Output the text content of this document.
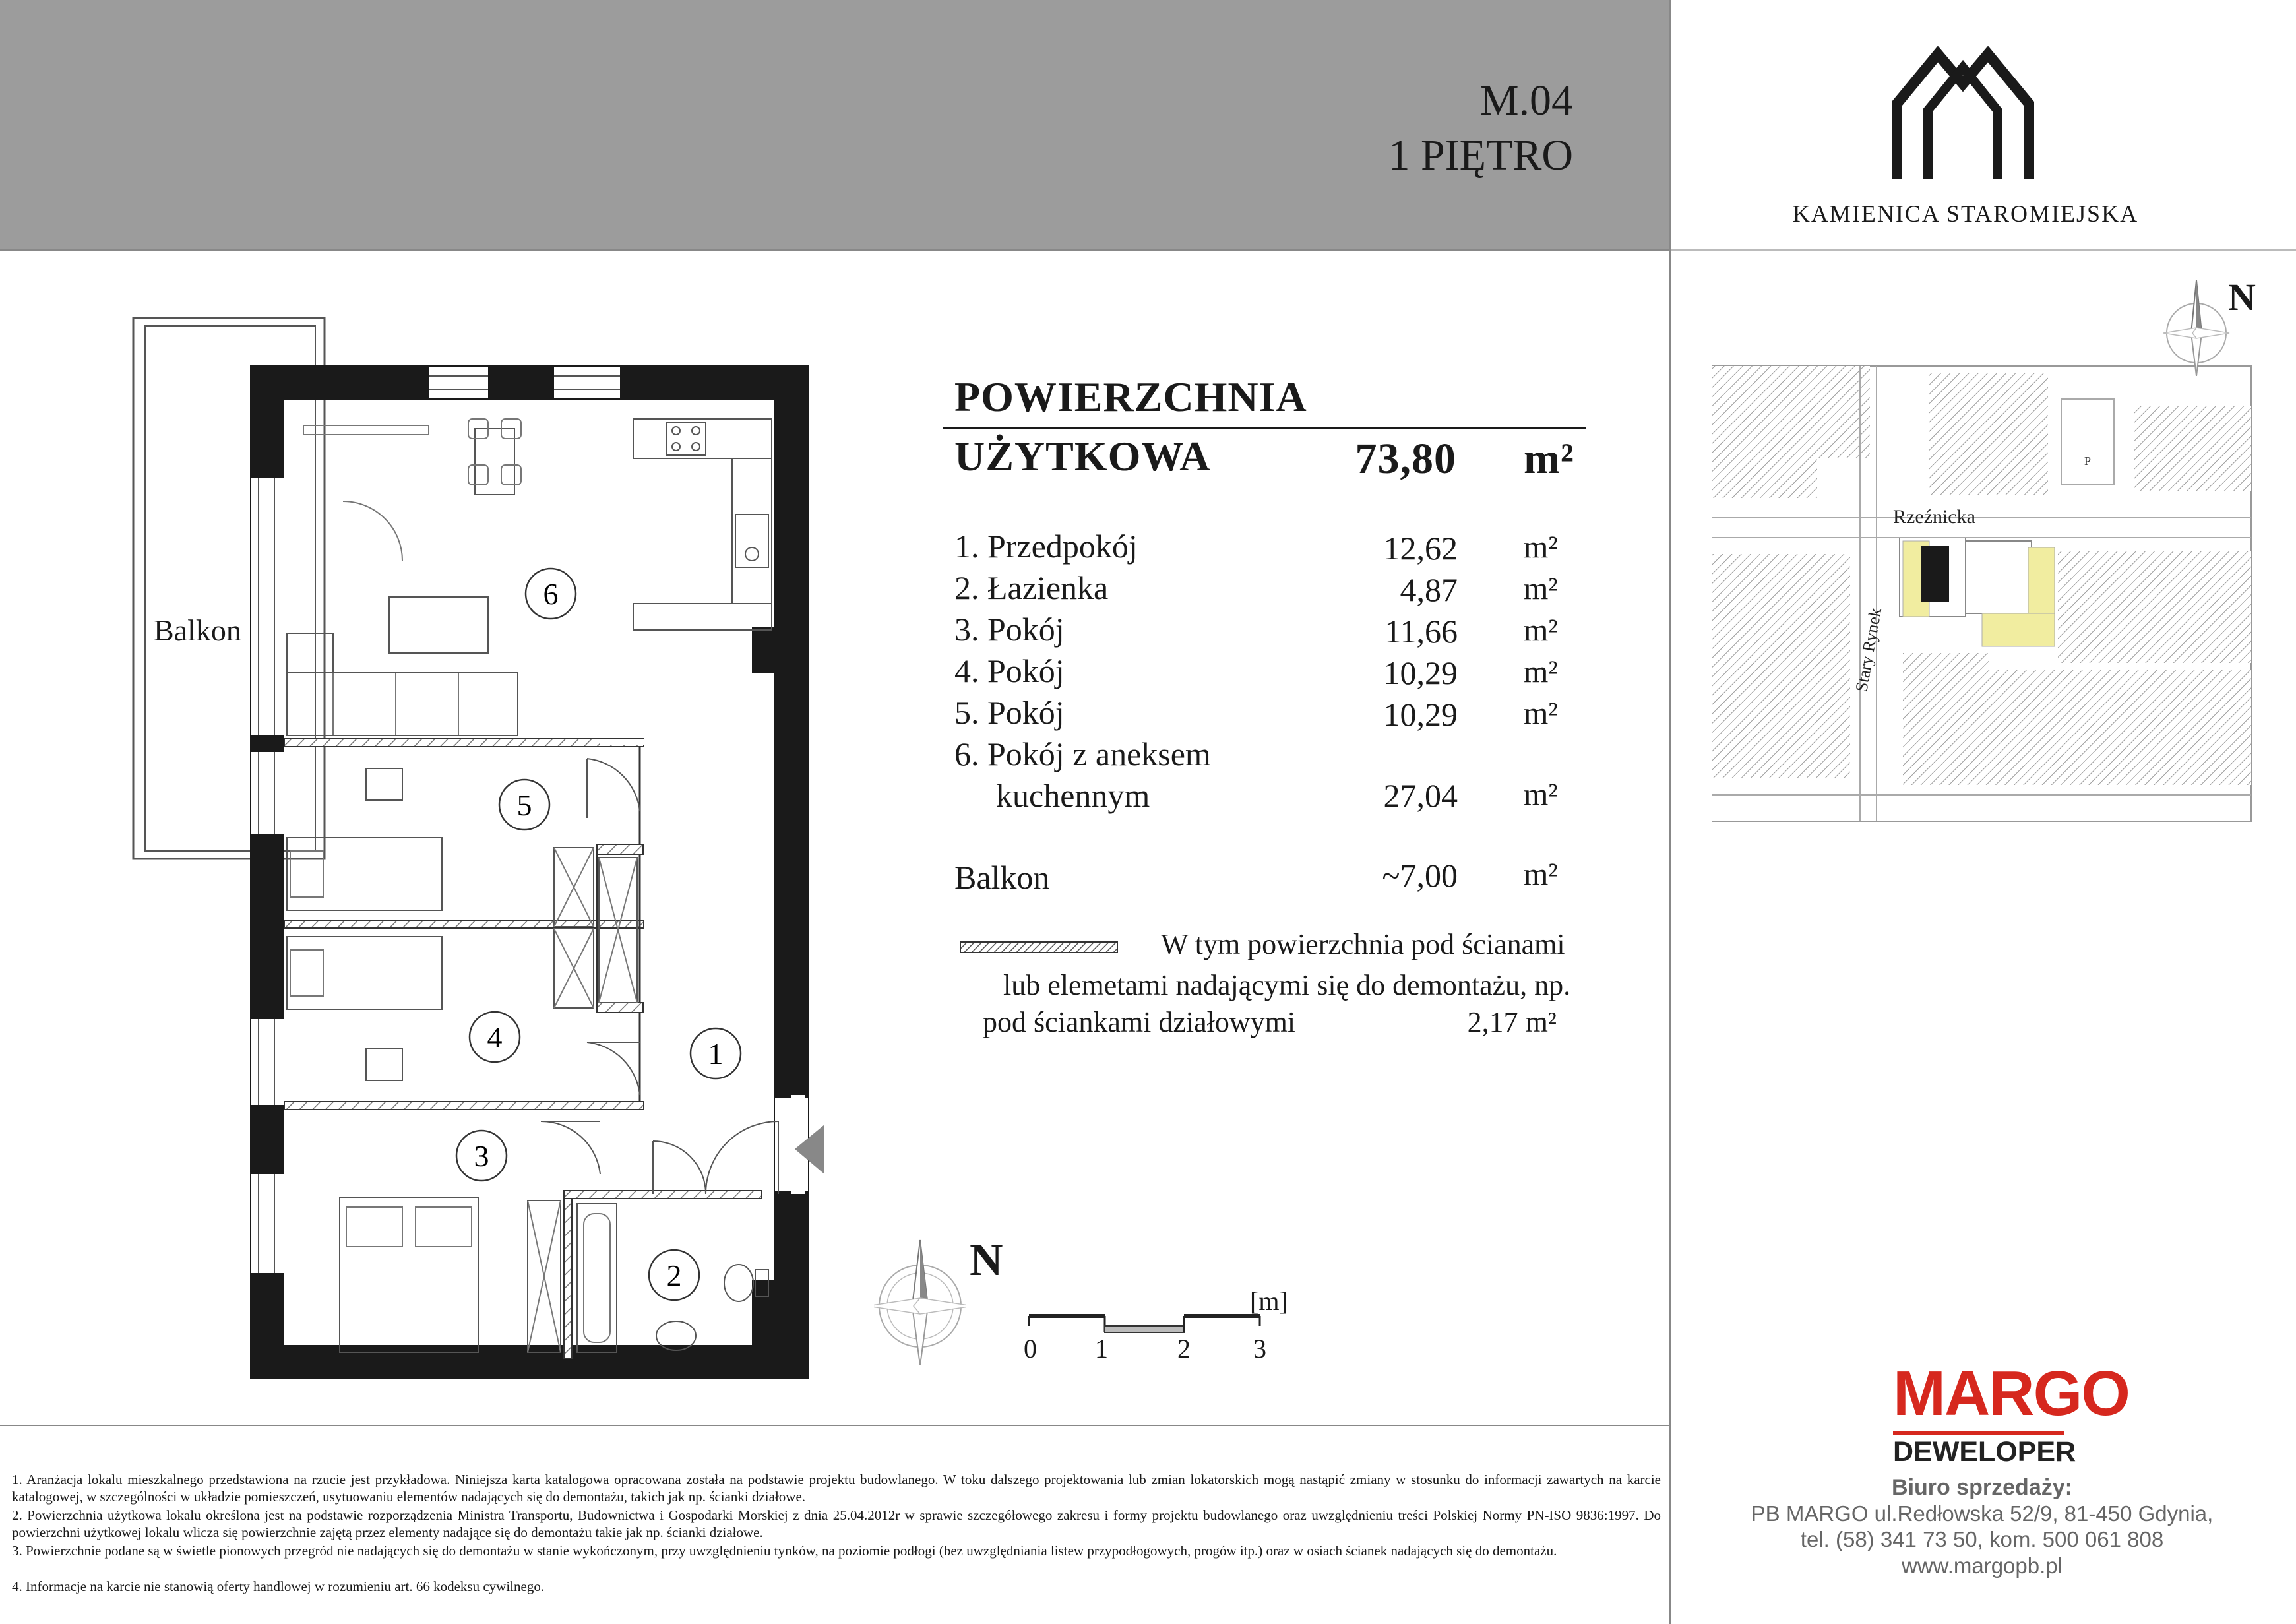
M.04
1 PIĘTRO
KAMIENICA STAROMIEJSKA
POWIERZCHNIA
UŻYTKOWA	73,80 m²
1. Przedpokój	12,62 m²
2. Łazienka	4,87 m²
3. Pokój	11,66 m²
4. Pokój	10,29 m²
5. Pokój	10,29 m²
6. Pokój z aneksem
kuchennym	27,04 m²
Balkon	~7,00 m²
W tym powierzchnia pod ścianami
lub elemetami nadającymi się do demontażu, np.
pod ściankami działowymi	2,17 m²
6
5
4	1
3
2
Balkon
N
[m]
0 1	2 3
P
Rzeźnicka
Stary Rynek
N
MARGO
DEWELOPER
Biuro sprzedaży:
PB MARGO ul.Redłowska 52/9, 81-450 Gdynia,
tel. (58) 341 73 50, kom. 500 061 808
www.margopb.pl
1. Aranżacja lokalu mieszkalnego przedstawiona na rzucie jest przykładowa. Niniejsza karta katalogowa opracowana została na podstawie projektu budowlanego. W toku dalszego projektowania lub zmian lokatorskich mogą nastąpić zmiany w stosunku do informacji zawartych na karcie katalogowej, w szczególności w układzie pomieszczeń, usytuowaniu elementów nadających się do demontażu, takich jak np. ścianki działowe.
2. Powierzchnia użytkowa lokalu określona jest na podstawie rozporządzenia Ministra Transportu, Budownictwa i Gospodarki Morskiej z dnia 25.04.2012r w sprawie szczegółowego zakresu i formy projektu budowlanego oraz uwzględnieniu treści Polskiej Normy PN-ISO 9836:1997. Do powierzchni użytkowej lokalu wlicza się powierzchnie zajętą przez elementy nadające się do demontażu takie jak np. ścianki działowe.
3. Powierzchnie podane są w świetle pionowych przegród nie nadających się do demontażu w stanie wykończonym, przy uwzględnieniu tynków, na poziomie podłogi (bez uwzględniania listew przypodłogowych, progów itp.) oraz w osiach ścianek nadających się do demontażu.
4. Informacje na karcie nie stanowią oferty handlowej w rozumieniu art. 66 kodeksu cywilnego.
